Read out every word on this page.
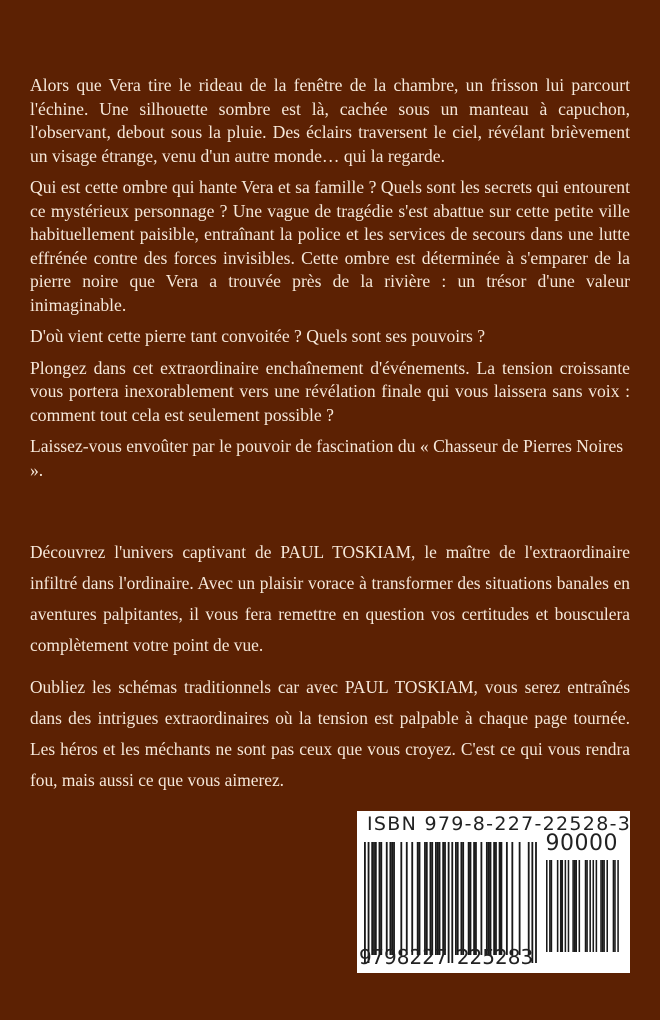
Alors que Vera tire le rideau de la fenêtre de la chambre, un frisson lui parcourt l'échine. Une silhouette sombre est là, cachée sous un manteau à capuchon, l'observant, debout sous la pluie. Des éclairs traversent le ciel, révélant brièvement un visage étrange, venu d'un autre monde… qui la regarde.

Qui est cette ombre qui hante Vera et sa famille ? Quels sont les secrets qui entourent ce mystérieux personnage ? Une vague de tragédie s'est abattue sur cette petite ville habituellement paisible, entraînant la police et les services de secours dans une lutte effrénée contre des forces invisibles. Cette ombre est déterminée à s'emparer de la pierre noire que Vera a trouvée près de la rivière : un trésor d'une valeur inimaginable.

D'où vient cette pierre tant convoitée ? Quels sont ses pouvoirs ?

Plongez dans cet extraordinaire enchaînement d'événements. La tension croissante vous portera inexorablement vers une révélation finale qui vous laissera sans voix : comment tout cela est seulement possible ?

Laissez-vous envoûter par le pouvoir de fascination du « Chasseur de Pierres Noires ».

Découvrez l'univers captivant de PAUL TOSKIAM, le maître de l'extraordinaire infiltré dans l'ordinaire. Avec un plaisir vorace à transformer des situations banales en aventures palpitantes, il vous fera remettre en question vos certitudes et bousculera complètement votre point de vue.

Oubliez les schémas traditionnels car avec PAUL TOSKIAM, vous serez entraînés dans des intrigues extraordinaires où la tension est palpable à chaque page tournée. Les héros et les méchants ne sont pas ceux que vous croyez. C'est ce qui vous rendra fou, mais aussi ce que vous aimerez.

ISBN 979-8-227-22528-3
90000
9 7 9 8 2 2 7 2 2 5 2 8 3
